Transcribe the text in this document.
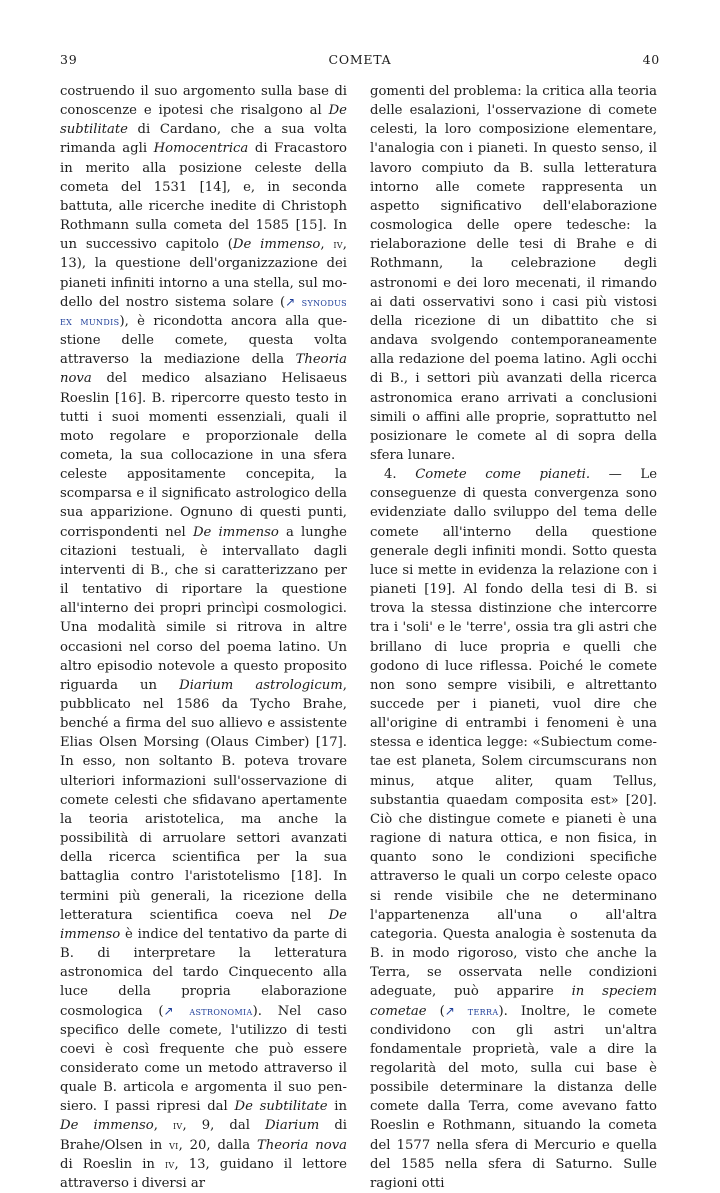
39	COMETA	40

costruendo il suo argomento sulla base di conoscenze e ipotesi che risalgono al De subtilitate di Cardano, che a sua volta rimanda agli Homocentrica di Fracastoro in merito alla posizione celeste della cometa del 1531 [14], e, in seconda battuta, alle ricerche inedite di Christoph Rothmann sulla cometa del 1585 [15]. In un successivo capitolo (De immenso, iv, 13), la questione dell'organizzazione dei pianeti infiniti intorno a una stella, sul modello del nostro sistema solare (↗ synodus ex mundis), è ricondotta ancora alla questione delle comete, questa volta attraverso la mediazione della Theoria nova del medico alsaziano Helisaeus Roeslin [16]. B. ripercorre questo testo in tutti i suoi momenti essenziali, quali il moto regolare e proporzionale della cometa, la sua collocazione in una sfera celeste appositamente concepita, la scomparsa e il significato astrologico della sua apparizione. Ognuno di questi punti, corrispondenti nel De immenso a lunghe citazioni testuali, è intervallato dagli interventi di B., che si caratterizzano per il tentativo di riportare la questione all'interno dei propri princìpi cosmologici. Una modalità simile si ritrova in altre occasioni nel corso del poema latino. Un altro episodio notevole a questo proposito riguarda un Diarium astrologicum, pubblicato nel 1586 da Tycho Brahe, benché a firma del suo allievo e assistente Elias Olsen Morsing (Olaus Cimber) [17]. In esso, non soltanto B. poteva trovare ulteriori informazioni sull'osservazione di comete celesti che sfidavano apertamente la teoria aristotelica, ma anche la possibilità di arruolare settori avanzati della ricerca scientifica per la sua battaglia contro l'aristotelismo [18]. In termini più generali, la ricezione della letteratura scientifica coeva nel De immenso è indice del tentativo da parte di B. di interpretare la letteratura astronomica del tardo Cinquecento alla luce della propria elaborazione cosmologica (↗ astronomia). Nel caso specifico delle comete, l'utilizzo di testi coevi è così frequente che può essere considerato come un metodo attraverso il quale B. articola e argomenta il suo pensiero. I passi ripresi dal De subtilitate in De immenso, iv, 9, dal Diarium di Brahe/Olsen in vi, 20, dalla Theoria nova di Roeslin in iv, 13, guidano il lettore attraverso i diversi ar

gomenti del problema: la critica alla teoria delle esalazioni, l'osservazione di comete celesti, la loro composizione elementare, l'analogia con i pianeti. In questo senso, il lavoro compiuto da B. sulla letteratura intorno alle comete rappresenta un aspetto significativo dell'elaborazione cosmologica delle opere tedesche: la rielaborazione delle tesi di Brahe e di Rothmann, la celebrazione degli astronomi e dei loro mecenati, il rimando ai dati osservativi sono i casi più vistosi della ricezione di un dibattito che si andava svolgendo contemporaneamente alla redazione del poema latino. Agli occhi di B., i settori più avanzati della ricerca astronomica erano arrivati a conclusioni simili o affini alle proprie, soprattutto nel posizionare le comete al di sopra della sfera lunare.

4. Comete come pianeti. — Le conseguenze di questa convergenza sono evidenziate dallo sviluppo del tema delle comete all'interno della questione generale degli infiniti mondi. Sotto questa luce si mette in evidenza la relazione con i pianeti [19]. Al fondo della tesi di B. si trova la stessa distinzione che intercorre tra i 'soli' e le 'terre', ossia tra gli astri che brillano di luce propria e quelli che godono di luce riflessa. Poiché le comete non sono sempre visibili, e altrettanto succede per i pianeti, vuol dire che all'origine di entrambi i fenomeni è una stessa e identica legge: «Subiectum cometae est planeta, Solem circumscurans non minus, atque aliter, quam Tellus, substantia quaedam composita est» [20]. Ciò che distingue comete e pianeti è una ragione di natura ottica, e non fisica, in quanto sono le condizioni specifiche attraverso le quali un corpo celeste opaco si rende visibile che ne determinano l'appartenenza all'una o all'altra categoria. Questa analogia è sostenuta da B. in modo rigoroso, visto che anche la Terra, se osservata nelle condizioni adeguate, può apparire in speciem cometae (↗ terra). Inoltre, le comete condividono con gli astri un'altra fondamentale proprietà, vale a dire la regolarità del moto, sulla cui base è possibile determinare la distanza delle comete dalla Terra, come avevano fatto Roeslin e Rothmann, situando la cometa del 1577 nella sfera di Mercurio e quella del 1585 nella sfera di Saturno. Sulle ragioni otti
